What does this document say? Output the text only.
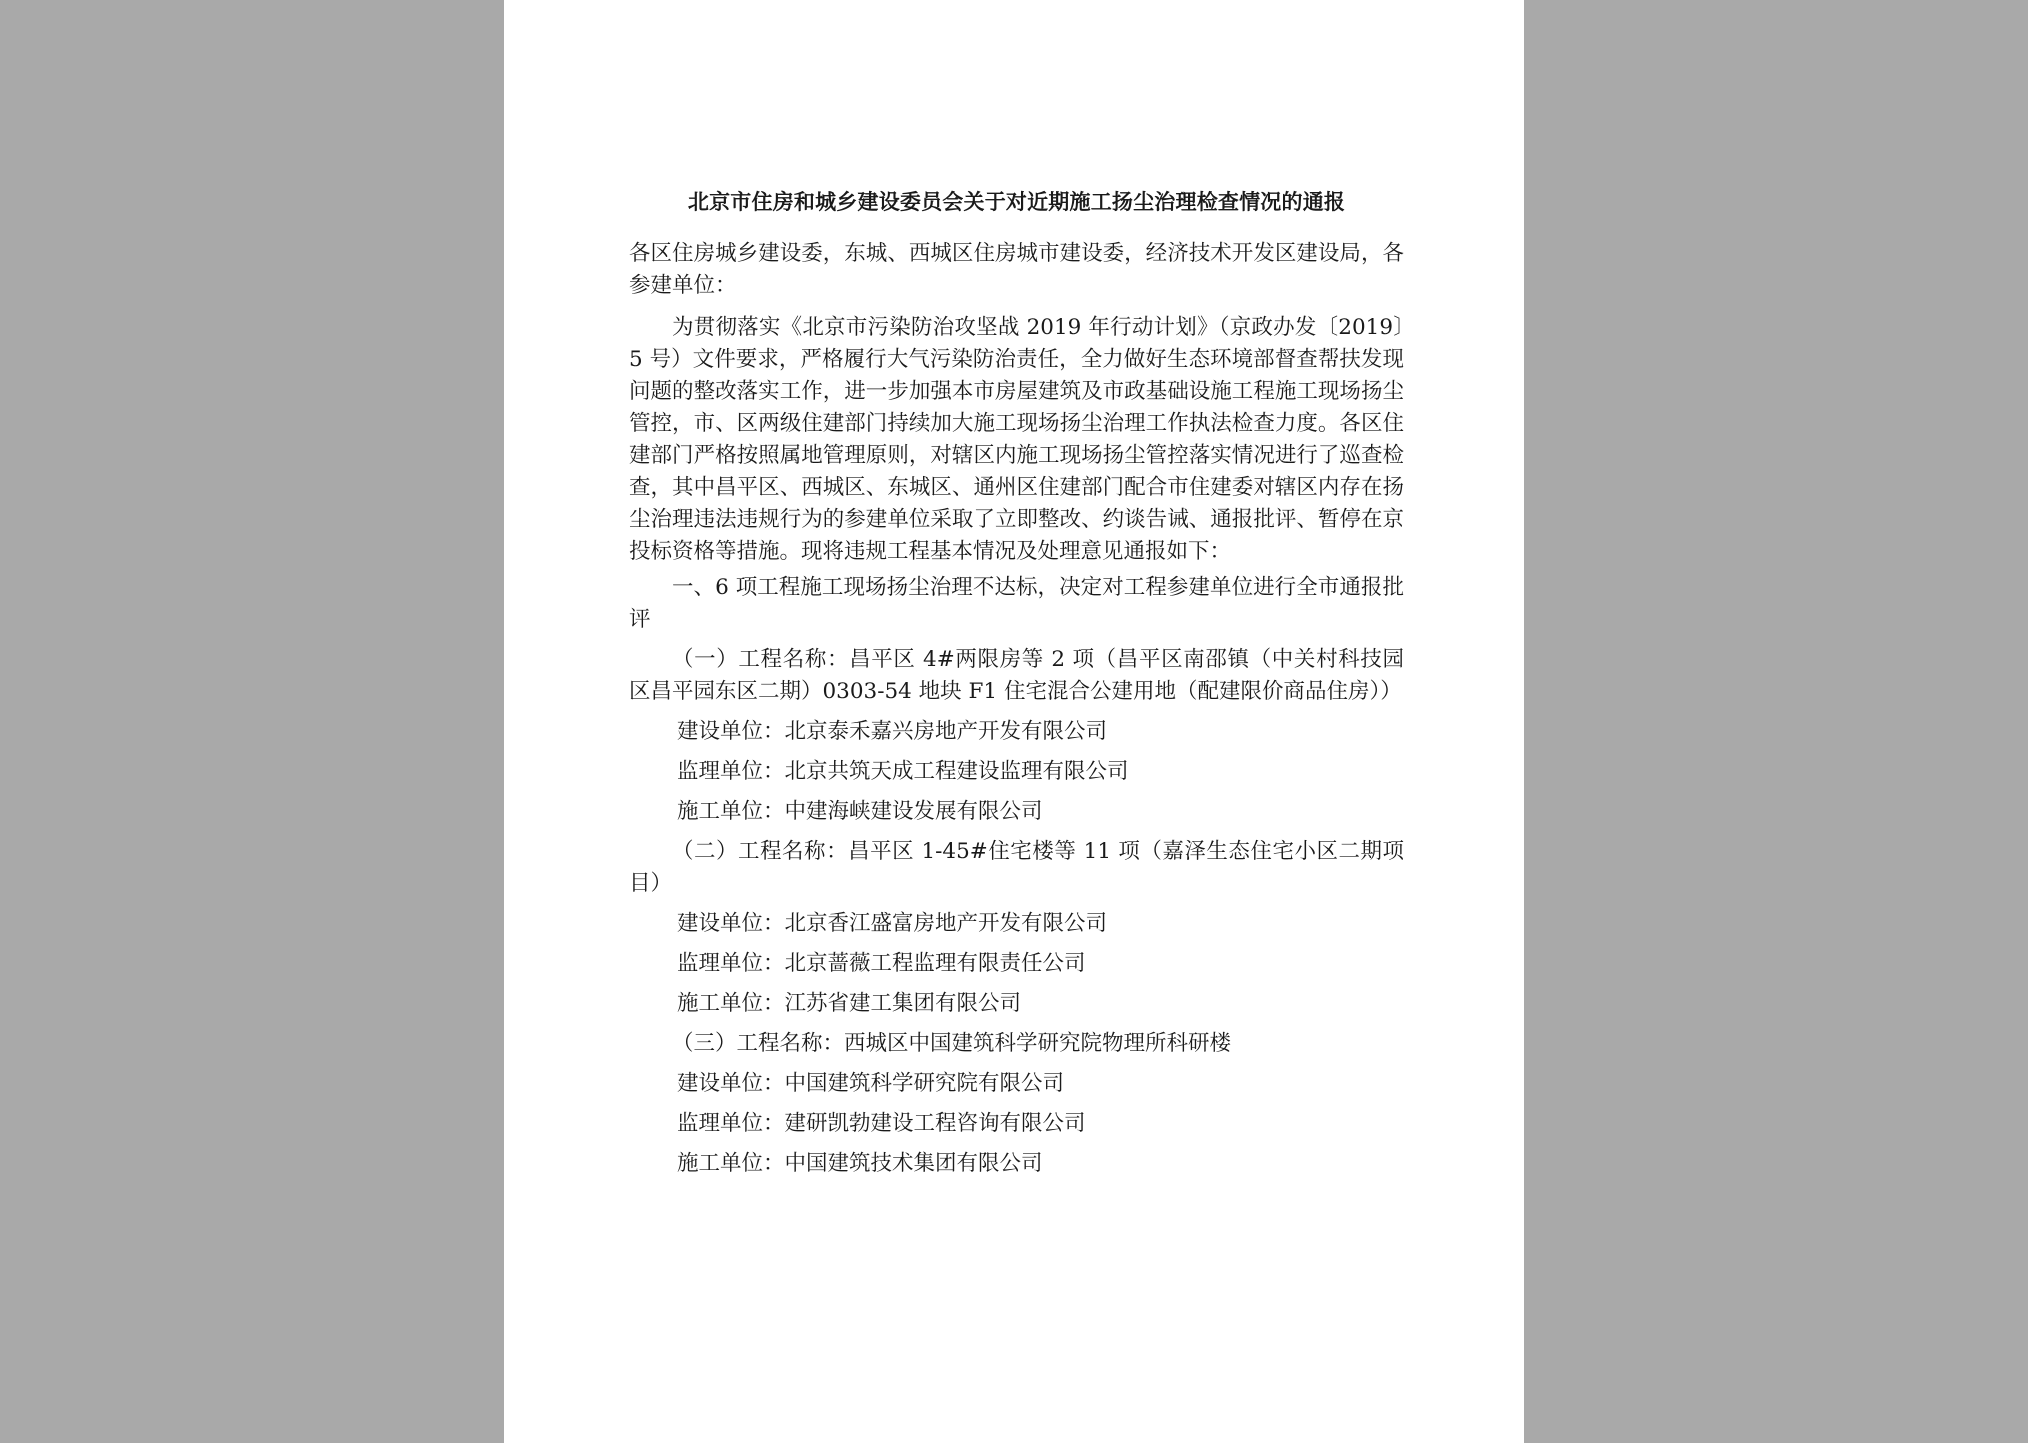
北京市住房和城乡建设委员会关于对近期施工扬尘治理检查情况的通报

各区住房城乡建设委，东城、西城区住房城市建设委，经济技术开发区建设局，各参建单位：

为贯彻落实《北京市污染防治攻坚战 2019 年行动计划》（京政办发〔2019〕5 号）文件要求，严格履行大气污染防治责任，全力做好生态环境部督查帮扶发现问题的整改落实工作，进一步加强本市房屋建筑及市政基础设施工程施工现场扬尘管控，市、区两级住建部门持续加大施工现场扬尘治理工作执法检查力度。各区住建部门严格按照属地管理原则，对辖区内施工现场扬尘管控落实情况进行了巡查检查，其中昌平区、西城区、东城区、通州区住建部门配合市住建委对辖区内存在扬尘治理违法违规行为的参建单位采取了立即整改、约谈告诫、通报批评、暂停在京投标资格等措施。现将违规工程基本情况及处理意见通报如下：

一、6 项工程施工现场扬尘治理不达标，决定对工程参建单位进行全市通报批评

（一）工程名称：昌平区 4#两限房等 2 项（昌平区南邵镇（中关村科技园区昌平园东区二期）0303-54 地块 F1 住宅混合公建用地（配建限价商品住房））

建设单位：北京泰禾嘉兴房地产开发有限公司

监理单位：北京共筑天成工程建设监理有限公司

施工单位：中建海峡建设发展有限公司

（二）工程名称：昌平区 1-45#住宅楼等 11 项（嘉泽生态住宅小区二期项目）

建设单位：北京香江盛富房地产开发有限公司

监理单位：北京蔷薇工程监理有限责任公司

施工单位：江苏省建工集团有限公司

（三）工程名称：西城区中国建筑科学研究院物理所科研楼

建设单位：中国建筑科学研究院有限公司

监理单位：建研凯勃建设工程咨询有限公司

施工单位：中国建筑技术集团有限公司
